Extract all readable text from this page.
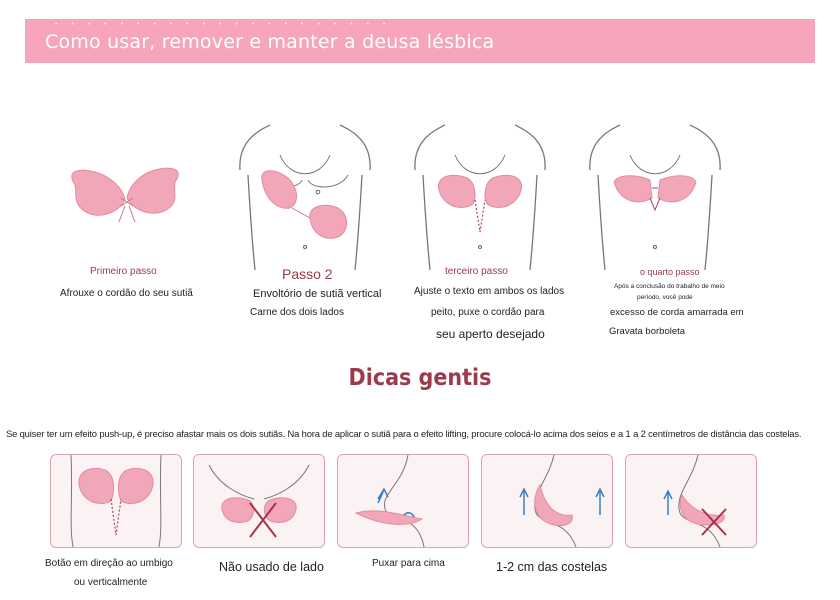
• • • • • • • • • • • • • • • • • • • • •
Como usar, remover e manter a deusa lésbica
Primeiro passo
Afrouxe o cordão do seu sutiã
Passo 2
Envoltório de sutiã vertical
Carne dos dois lados
terceiro passo
Ajuste o texto em ambos os lados
peito, puxe o cordão para
seu aperto desejado
o quarto passo
Após a conclusão do trabalho de meio
período, você pode
excesso de corda amarrada em
Gravata borboleta
Dicas gentis
Se quiser ter um efeito push-up, é preciso afastar mais os dois sutiãs. Na hora de aplicar o sutiã para o efeito lifting, procure colocá-lo acima dos seios e a 1 a 2 centímetros de distância das costelas.
Botão em direção ao umbigo
ou verticalmente
Não usado de lado	Puxar para cima	1-2 cm das costelas
